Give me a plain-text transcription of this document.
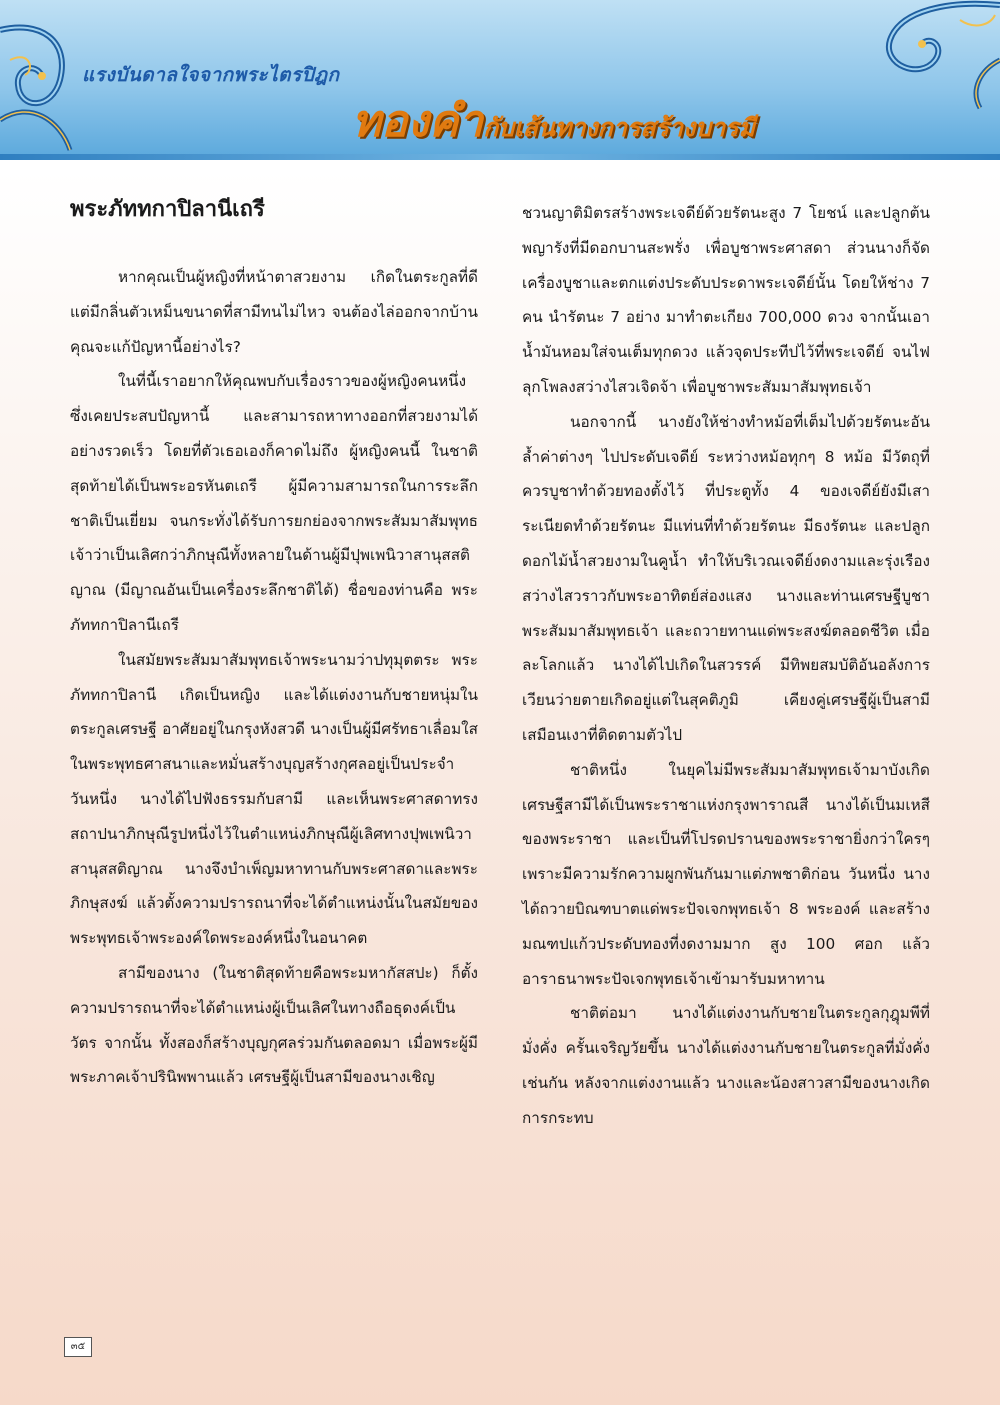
แรงบันดาลใจจากพระไตรปิฎก
ทองคำกับเส้นทางการสร้างบารมี
พระภัททกาปิลานีเถรี

หากคุณเป็นผู้หญิงที่หน้าตาสวยงาม เกิดในตระกูลที่ดี แต่มีกลิ่นตัวเหม็นขนาดที่สามีทนไม่ไหว จนต้องไล่ออกจากบ้าน คุณจะแก้ปัญหานี้อย่างไร?

ในที่นี้เราอยากให้คุณพบกับเรื่องราวของผู้หญิงคนหนึ่ง ซึ่งเคยประสบปัญหานี้ และสามารถหาทางออกที่สวยงามได้อย่างรวดเร็ว โดยที่ตัวเธอเองก็คาดไม่ถึง ผู้หญิงคนนี้ ในชาติสุดท้ายได้เป็นพระอรหันตเถรี ผู้มีความสามารถในการระลึกชาติเป็นเยี่ยม จนกระทั่งได้รับการยกย่องจากพระสัมมาสัมพุทธเจ้าว่าเป็นเลิศกว่าภิกษุณีทั้งหลายในด้านผู้มีปุพเพนิวาสานุสสติญาณ (มีญาณอันเป็นเครื่องระลึกชาติได้) ชื่อของท่านคือ พระภัททกาปิลานีเถรี

ในสมัยพระสัมมาสัมพุทธเจ้าพระนามว่าปทุมุตตระ พระภัททกาปิลานี เกิดเป็นหญิง และได้แต่งงานกับชายหนุ่มในตระกูลเศรษฐี อาศัยอยู่ในกรุงหังสวดี นางเป็นผู้มีศรัทธาเลื่อมใสในพระพุทธศาสนาและหมั่นสร้างบุญสร้างกุศลอยู่เป็นประจำ วันหนึ่ง นางได้ไปฟังธรรมกับสามี และเห็นพระศาสดาทรงสถาปนาภิกษุณีรูปหนึ่งไว้ในตำแหน่งภิกษุณีผู้เลิศทางปุพเพนิวาสานุสสติญาณ นางจึงบำเพ็ญมหาทานกับพระศาสดาและพระภิกษุสงฆ์ แล้วตั้งความปรารถนาที่จะได้ตำแหน่งนั้นในสมัยของพระพุทธเจ้าพระองค์ใดพระองค์หนึ่งในอนาคต

สามีของนาง (ในชาติสุดท้ายคือพระมหากัสสปะ) ก็ตั้งความปรารถนาที่จะได้ตำแหน่งผู้เป็นเลิศในทางถือธุดงค์เป็นวัตร จากนั้น ทั้งสองก็สร้างบุญกุศลร่วมกันตลอดมา เมื่อพระผู้มีพระภาคเจ้าปรินิพพานแล้ว เศรษฐีผู้เป็นสามีของนางเชิญ

ชวนญาติมิตรสร้างพระเจดีย์ด้วยรัตนะสูง 7 โยชน์ และปลูกต้นพญารังที่มีดอกบานสะพรั่ง เพื่อบูชาพระศาสดา ส่วนนางก็จัดเครื่องบูชาและตกแต่งประดับประดาพระเจดีย์นั้น โดยให้ช่าง 7 คน นำรัตนะ 7 อย่าง มาทำตะเกียง 700,000 ดวง จากนั้นเอาน้ำมันหอมใส่จนเต็มทุกดวง แล้วจุดประทีปไว้ที่พระเจดีย์ จนไฟลุกโพลงสว่างไสวเจิดจ้า เพื่อบูชาพระสัมมาสัมพุทธเจ้า

นอกจากนี้ นางยังให้ช่างทำหม้อที่เต็มไปด้วยรัตนะอันล้ำค่าต่างๆ ไปประดับเจดีย์ ระหว่างหม้อทุกๆ 8 หม้อ มีวัตถุที่ควรบูชาทำด้วยทองตั้งไว้ ที่ประตูทั้ง 4 ของเจดีย์ยังมีเสาระเนียดทำด้วยรัตนะ มีแท่นที่ทำด้วยรัตนะ มีธงรัตนะ และปลูกดอกไม้น้ำสวยงามในคูน้ำ ทำให้บริเวณเจดีย์งดงามและรุ่งเรืองสว่างไสวราวกับพระอาทิตย์ส่องแสง นางและท่านเศรษฐีบูชาพระสัมมาสัมพุทธเจ้า และถวายทานแด่พระสงฆ์ตลอดชีวิต เมื่อละโลกแล้ว นางได้ไปเกิดในสวรรค์ มีทิพยสมบัติอันอลังการ เวียนว่ายตายเกิดอยู่แต่ในสุคติภูมิ เคียงคู่เศรษฐีผู้เป็นสามีเสมือนเงาที่ติดตามตัวไป

ชาติหนึ่ง ในยุคไม่มีพระสัมมาสัมพุทธเจ้ามาบังเกิด เศรษฐีสามีได้เป็นพระราชาแห่งกรุงพาราณสี นางได้เป็นมเหสีของพระราชา และเป็นที่โปรดปรานของพระราชายิ่งกว่าใครๆ เพราะมีความรักความผูกพันกันมาแต่ภพชาติก่อน วันหนึ่ง นางได้ถวายบิณฑบาตแด่พระปัจเจกพุทธเจ้า 8 พระองค์ และสร้างมณฑปแก้วประดับทองที่งดงามมาก สูง 100 ศอก แล้วอาราธนาพระปัจเจกพุทธเจ้าเข้ามารับมหาทาน

ชาติต่อมา นางได้แต่งงานกับชายในตระกูลกุฎุมพีที่มั่งคั่ง ครั้นเจริญวัยขึ้น นางได้แต่งงานกับชายในตระกูลที่มั่งคั่งเช่นกัน หลังจากแต่งงานแล้ว นางและน้องสาวสามีของนางเกิดการกระทบ

๓๕
